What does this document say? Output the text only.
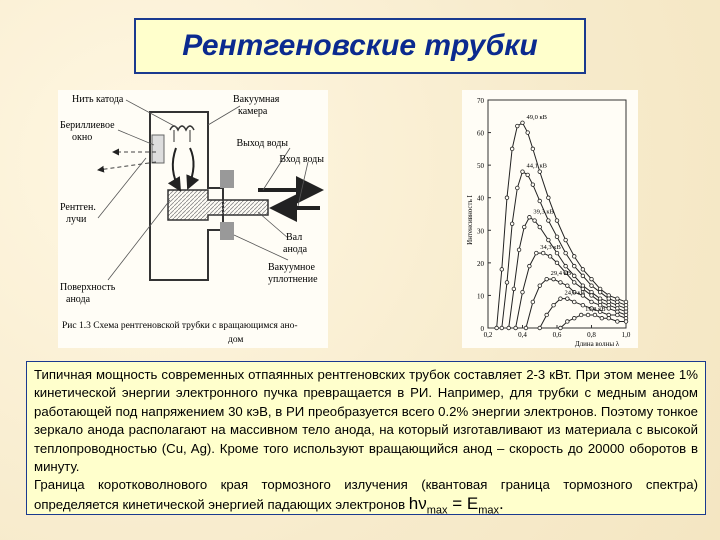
Рентгеновские трубки
Нить катода
Бериллиевое
окно
Вакуумная
камера
Выход воды
Вход воды
Рентген.
лучи
Вал
анода
Вакуумное
уплотнение
Поверхность
анода
Рис 1.3 Схема рентгеновской трубки с вращающимся ано-
дом
70
60
50
40
30
20
10
0
0,2	0,4	0,6	0,8	1,0
Интенсивность I
Длина волны λ
49,0 кВ
44,1 кВ
39,3 кВ
34,3 кВ
29,4 кВ
24,6 кВ
19,8 кВ

Типичная мощность современных отпаянных рентгеновских трубок составляет 2-3 кВт. При этом менее 1% кинетической энергии электронного пучка превращается в РИ. Например, для трубки с медным анодом работающей под напряжением 30 кэВ, в РИ преобразуется всего 0.2% энергии электронов. Поэтому тонкое зеркало анода располагают на массивном тело анода, на который изготавливают из материала с высокой теплопроводностью (Cu, Ag). Кроме того используют вращающийся анод – скорость до 20000 оборотов в минуту.

Граница коротковолнового края тормозного излучения (квантовая граница тормозного спектра) определяется кинетической энергией падающих электронов $h\nu_{max} = E_{max}$.
